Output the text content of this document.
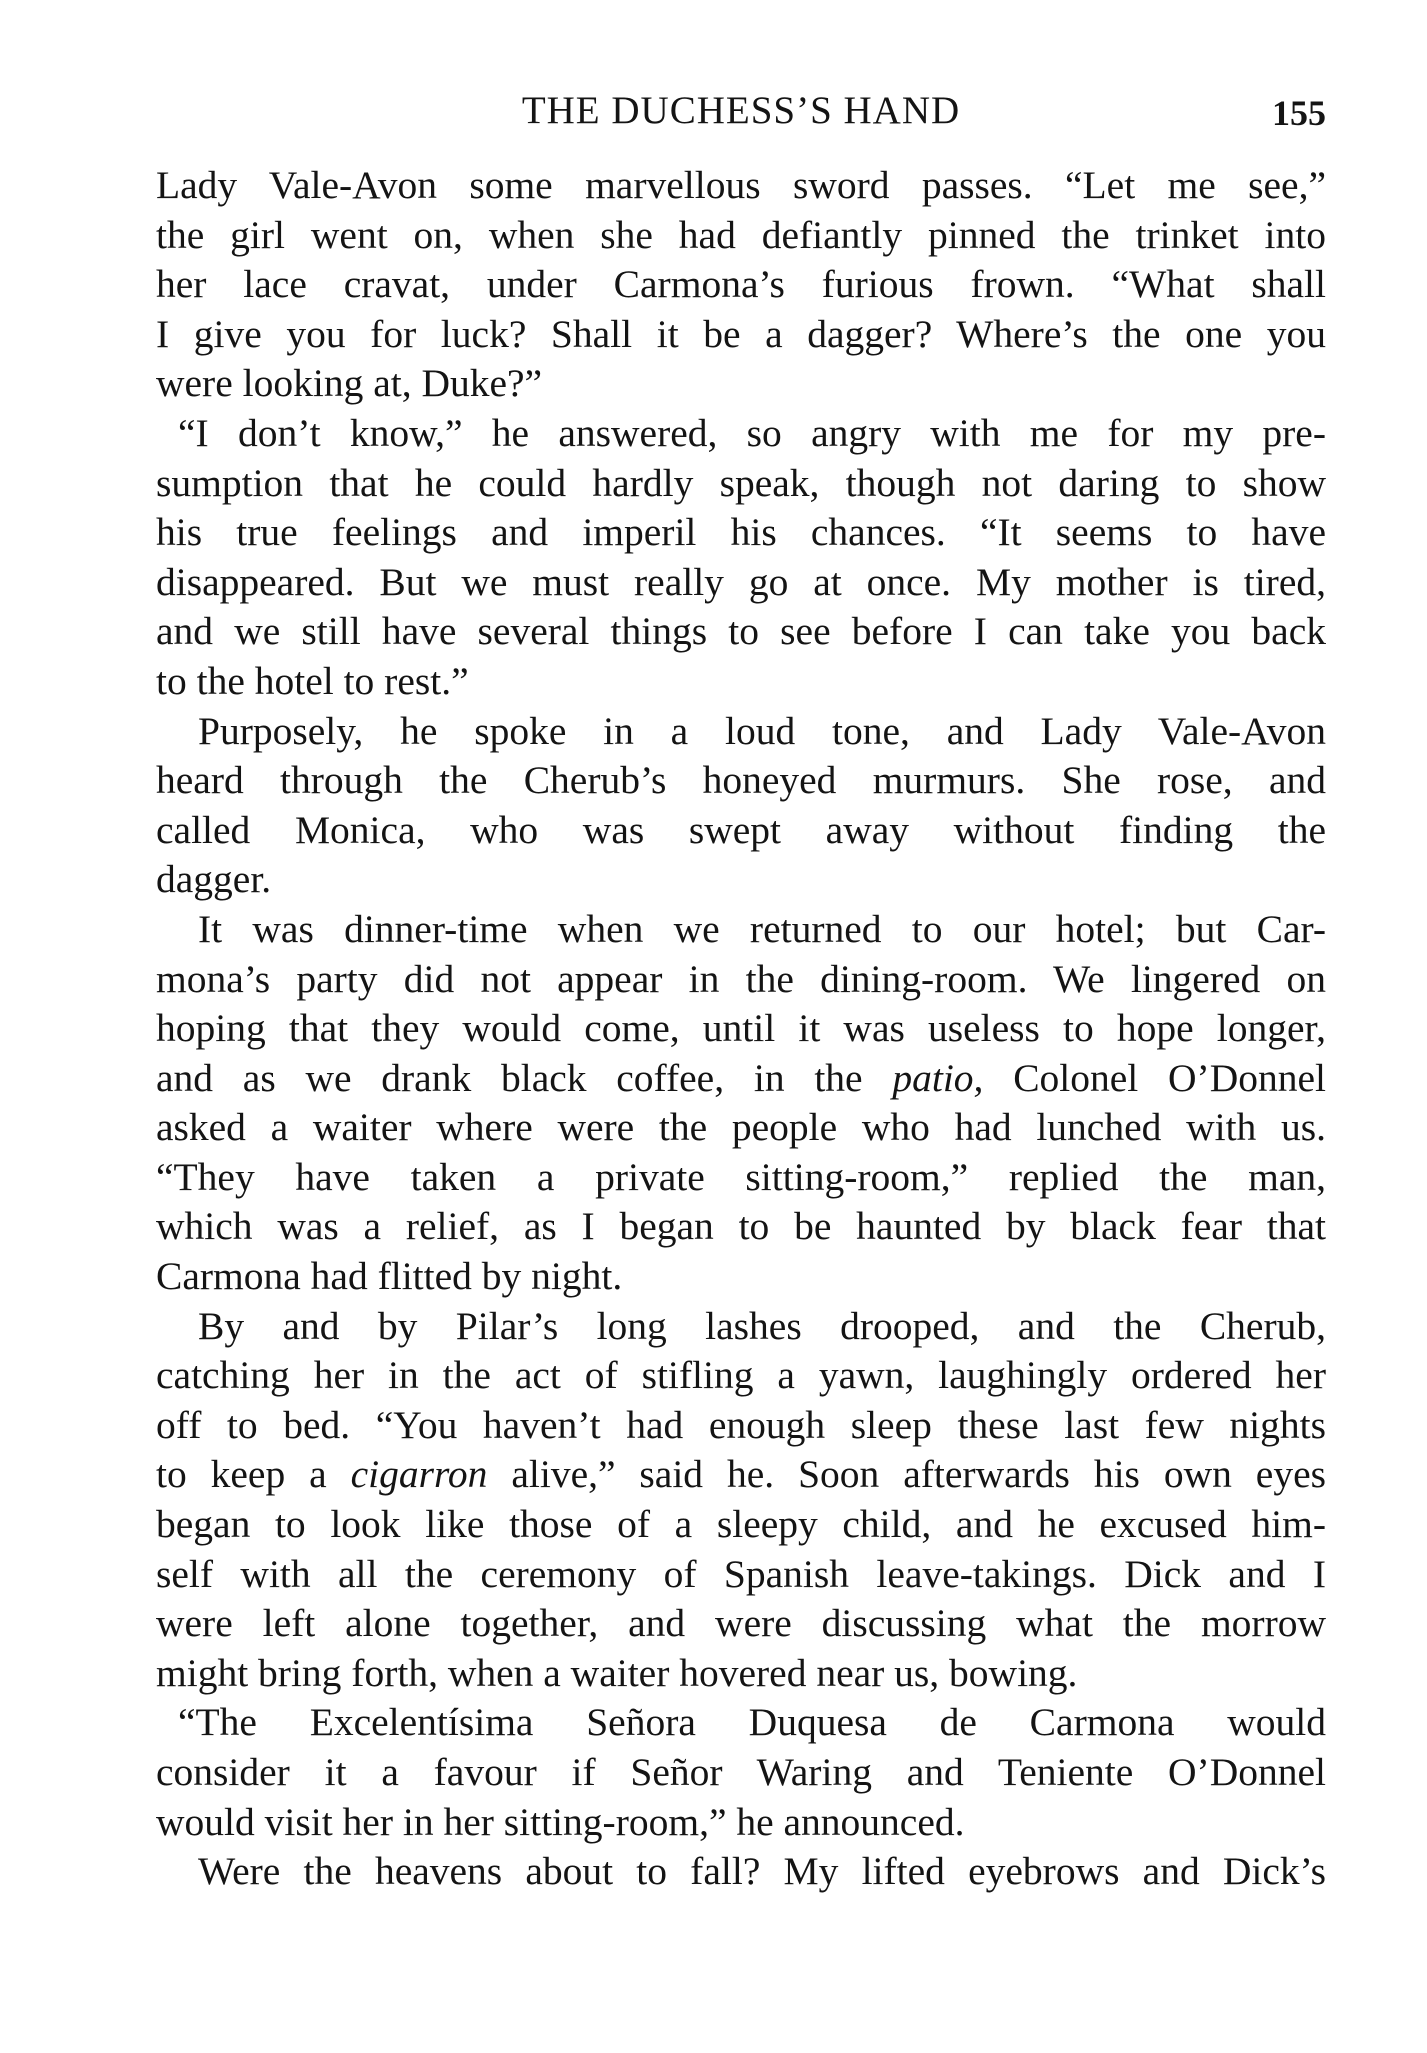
THE DUCHESS’S HAND	155
Lady Vale-Avon some marvellous sword passes. “Let me see,”
the girl went on, when she had defiantly pinned the trinket into
her lace cravat, under Carmona’s furious frown. “What shall
I give you for luck? Shall it be a dagger? Where’s the one you
were looking at, Duke?”
“I don’t know,” he answered, so angry with me for my pre-
sumption that he could hardly speak, though not daring to show
his true feelings and imperil his chances. “It seems to have
disappeared. But we must really go at once. My mother is tired,
and we still have several things to see before I can take you back
to the hotel to rest.”
Purposely, he spoke in a loud tone, and Lady Vale-Avon
heard through the Cherub’s honeyed murmurs. She rose, and
called Monica, who was swept away without finding the
dagger.
It was dinner-time when we returned to our hotel; but Car-
mona’s party did not appear in the dining-room. We lingered on
hoping that they would come, until it was useless to hope longer,
and as we drank black coffee, in the patio, Colonel O’Donnel
asked a waiter where were the people who had lunched with us.
“They have taken a private sitting-room,” replied the man,
which was a relief, as I began to be haunted by black fear that
Carmona had flitted by night.
By and by Pilar’s long lashes drooped, and the Cherub,
catching her in the act of stifling a yawn, laughingly ordered her
off to bed. “You haven’t had enough sleep these last few nights
to keep a cigarron alive,” said he. Soon afterwards his own eyes
began to look like those of a sleepy child, and he excused him-
self with all the ceremony of Spanish leave-takings. Dick and I
were left alone together, and were discussing what the morrow
might bring forth, when a waiter hovered near us, bowing.
“The Excelentísima Señora Duquesa de Carmona would
consider it a favour if Señor Waring and Teniente O’Donnel
would visit her in her sitting-room,” he announced.
Were the heavens about to fall? My lifted eyebrows and Dick’s
